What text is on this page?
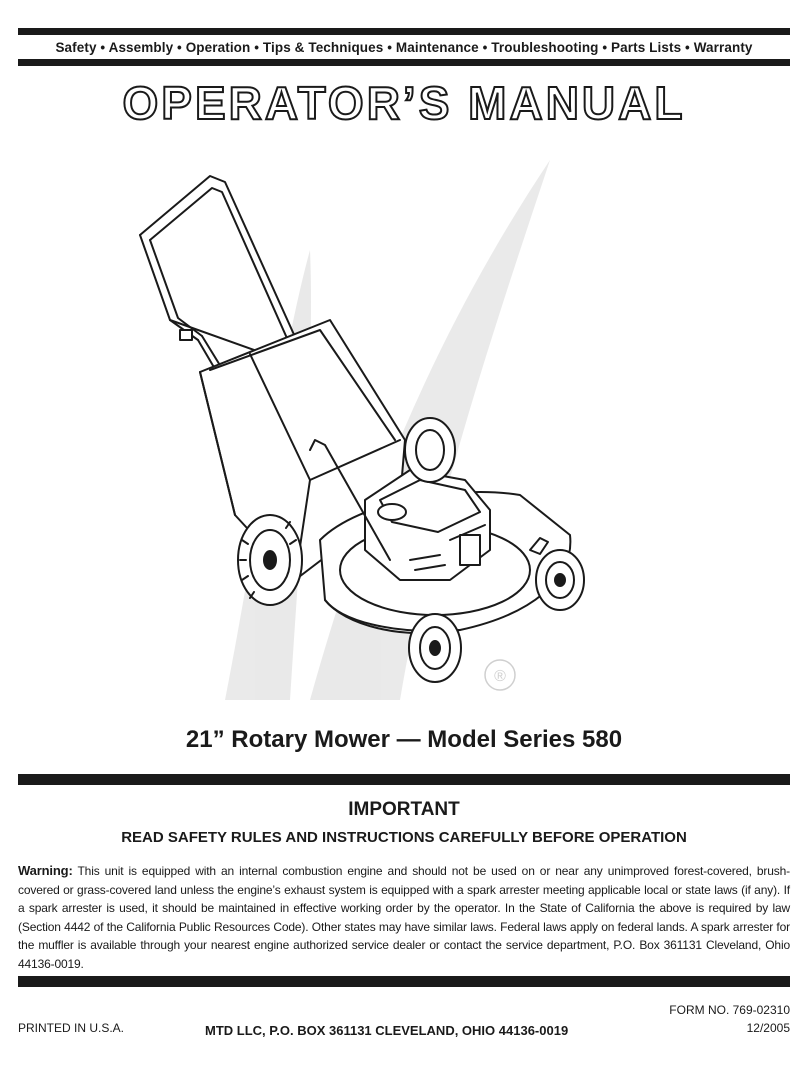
Safety • Assembly • Operation • Tips & Techniques • Maintenance • Troubleshooting • Parts Lists • Warranty
OPERATOR’S MANUAL
®
21” Rotary Mower — Model Series 580
IMPORTANT
READ SAFETY RULES AND INSTRUCTIONS CAREFULLY BEFORE OPERATION

Warning: This unit is equipped with an internal combustion engine and should not be used on or near any unimproved forest-covered, brush-covered or grass-covered land unless the engine’s exhaust system is equipped with a spark arrester meeting applicable local or state laws (if any). If a spark arrester is used, it should be maintained in effective working order by the operator. In the State of California the above is required by law (Section 4442 of the California Public Resources Code). Other states may have similar laws. Federal laws apply on federal lands. A spark arrester for the muffler is available through your nearest engine authorized service dealer or contact the service department, P.O. Box 361131 Cleveland, Ohio 44136-0019.

PRINTED IN U.S.A.	MTD LLC, P.O. BOX 361131 CLEVELAND, OHIO 44136-0019
FORM NO. 769-02310
12/2005
